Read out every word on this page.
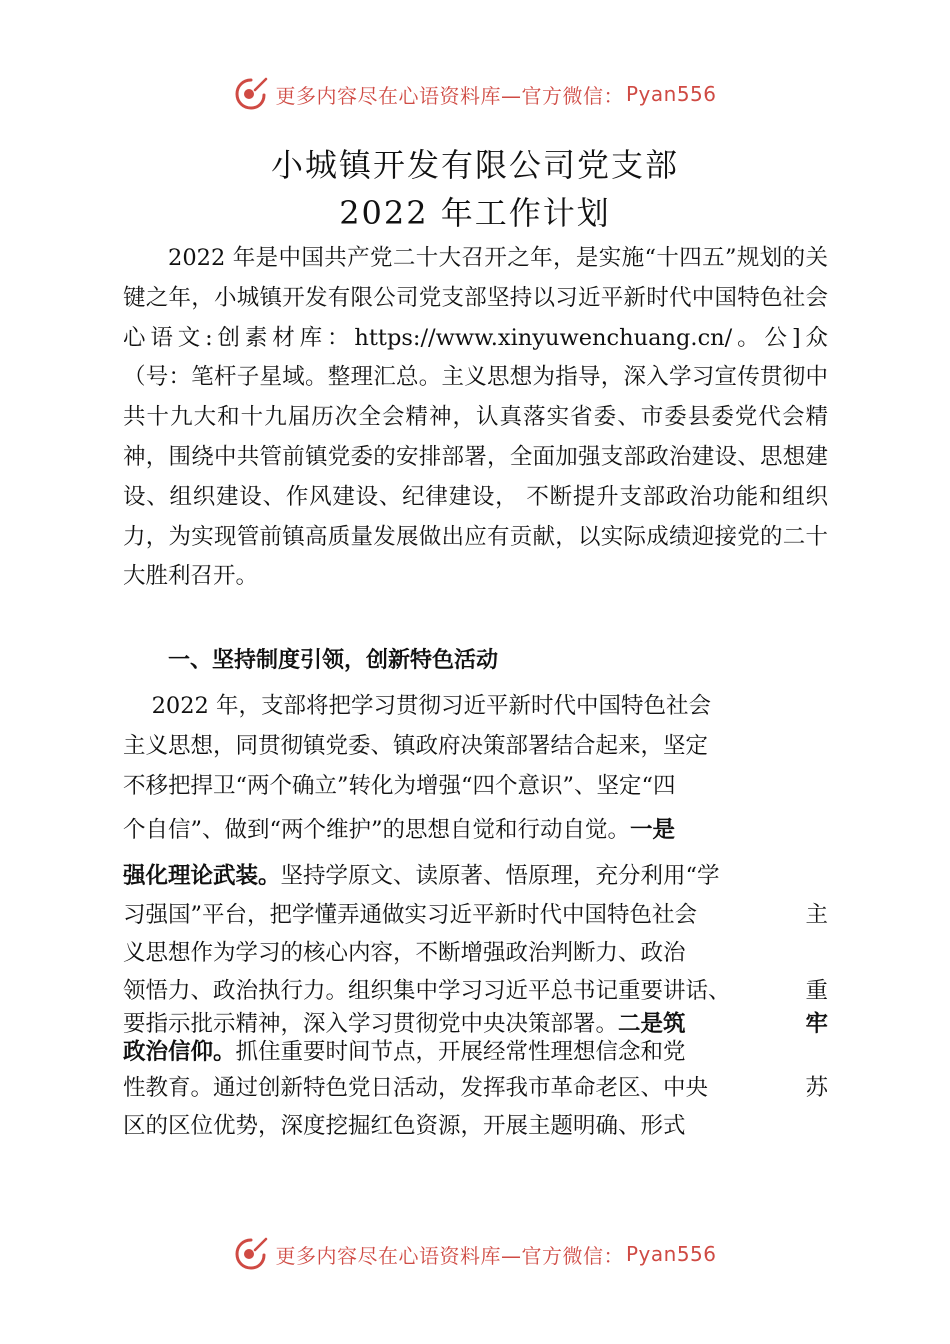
更多内容尽在心语资料库—官方微信： Pyan556
小城镇开发有限公司党支部
2022 年工作计划

2022 年是中国共产党二十大召开之年，是实施“十四五”规划的关键之年，小城镇开发有限公司党支部坚持以习近平新时代中国特色社会心语文:创素材库：https://www.xinyuwenchuang.cn/。公]众（号：笔杆子星域。整理汇总。主义思想为指导，深入学习宣传贯彻中共十九大和十九届历次全会精神，认真落实省委、市委县委党代会精神，围绕中共管前镇党委的安排部署，全面加强支部政治建设、思想建设、组织建设、作风建设、纪律建设， 不断提升支部政治功能和组织力，为实现管前镇高质量发展做出应有贡献，以实际成绩迎接党的二十大胜利召开。

一、坚持制度引领，创新特色活动
2022 年，支部将把学习贯彻习近平新时代中国特色社会
主义思想，同贯彻镇党委、镇政府决策部署结合起来，坚定
不移把捍卫“两个确立”转化为增强“四个意识”、坚定“四
个自信”、做到“两个维护”的思想自觉和行动自觉。一是
强化理论武装。坚持学原文、读原著、悟原理，充分利用“学
习强国”平台，把学懂弄通做实习近平新时代中国特色社会	主
义思想作为学习的核心内容，不断增强政治判断力、政治
领悟力、政治执行力。组织集中学习习近平总书记重要讲话、	重
要指示批示精神，深入学习贯彻党中央决策部署。二是筑	牢
政治信仰。抓住重要时间节点，开展经常性理想信念和党
性教育。通过创新特色党日活动，发挥我市革命老区、中央	苏
区的区位优势，深度挖掘红色资源，开展主题明确、形式
更多内容尽在心语资料库—官方微信： Pyan556
